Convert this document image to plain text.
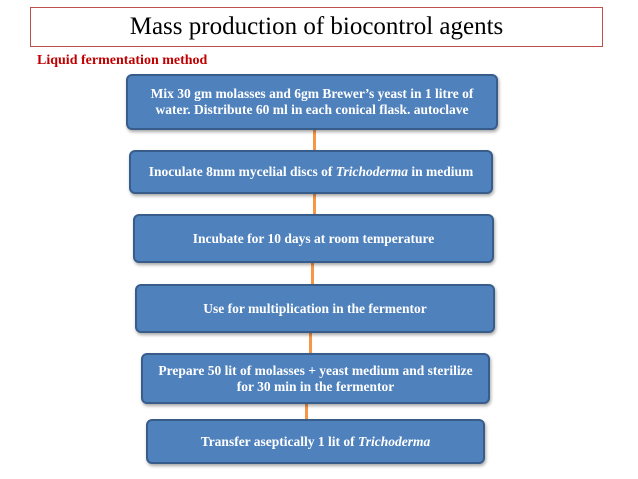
Mass production of biocontrol agents
Liquid fermentation method
Mix 30 gm molasses and 6gm Brewer’s yeast in 1 litre of water. Distribute 60 ml in each conical flask. autoclave
Inoculate 8mm mycelial discs of Trichoderma in medium
Incubate for 10 days at room temperature
Use for multiplication in the fermentor
Prepare 50 lit of molasses + yeast medium and sterilize for 30 min in the fermentor
Transfer aseptically 1 lit of Trichoderma
